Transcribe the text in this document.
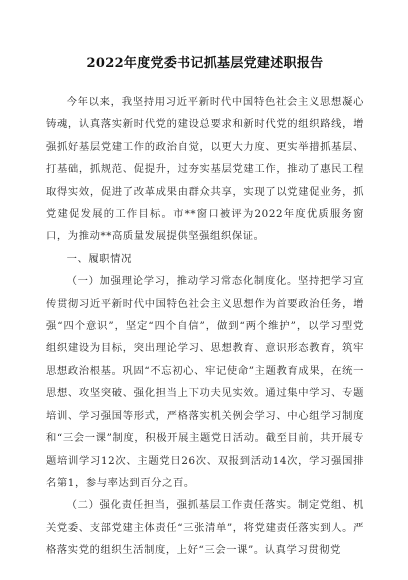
2022年度党委书记抓基层党建述职报告

今年以来，我坚持用习近平新时代中国特色社会主义思想凝心铸魂，认真落实新时代党的建设总要求和新时代党的组织路线，增强抓好基层党建工作的政治自觉，以更大力度、更实举措抓基层、打基础，抓规范、促提升，过夯实基层党建工作，推动了惠民工程取得实效，促进了改革成果由群众共享，实现了以党建促业务，抓党建促发展的工作目标。市**窗口被评为2022年度优质服务窗口，为推动**高质量发展提供坚强组织保证。

一、履职情况

（一）加强理论学习，推动学习常态化制度化。坚持把学习宣传贯彻习近平新时代中国特色社会主义思想作为首要政治任务，增强“四个意识”，坚定“四个自信”，做到“两个维护”，以学习型党组织建设为目标，突出理论学习、思想教育、意识形态教育，筑牢思想政治根基。巩固“不忘初心、牢记使命”主题教育成果，在统一思想、攻坚突破、强化担当上下功夫见实效。通过集中学习、专题培训、学习强国等形式，严格落实机关例会学习、中心组学习制度和“三会一课”制度，积极开展主题党日活动。截至目前，共开展专题培训学习12次、主题党日26次、双报到活动14次，学习强国排名第1，参与率达到百分之百。

（二）强化责任担当，强抓基层工作责任落实。制定党组、机关党委、支部党建主体责任“三张清单”，将党建责任落实到人。严格落实党的组织生活制度，上好“三会一课”。认真学习贯彻党
